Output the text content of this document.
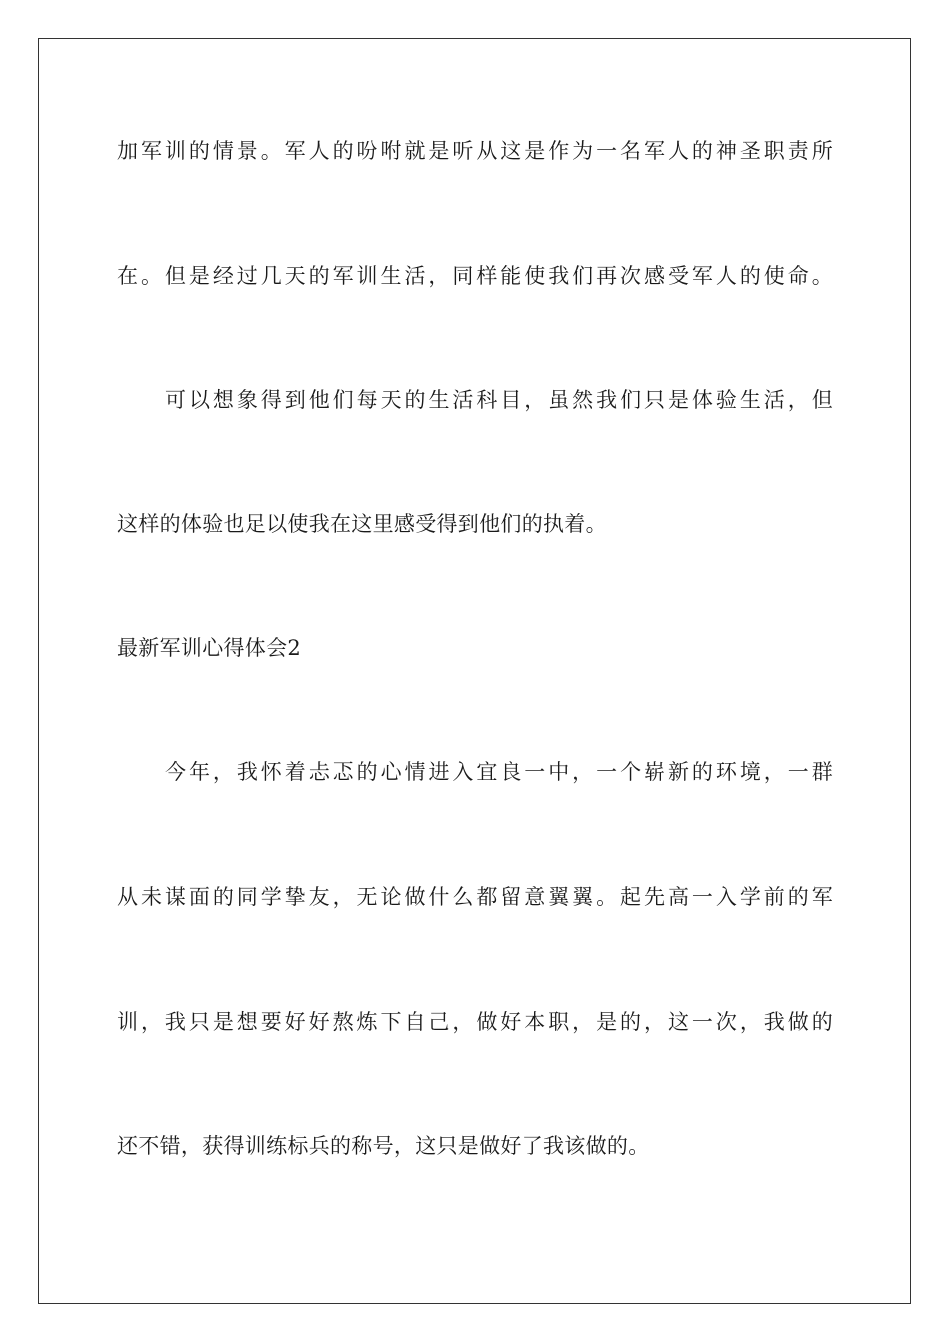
加军训的情景。军人的吩咐就是听从这是作为一名军人的神圣职责所
在。但是经过几天的军训生活，同样能使我们再次感受军人的使命。
可以想象得到他们每天的生活科目，虽然我们只是体验生活，但
这样的体验也足以使我在这里感受得到他们的执着。
最新军训心得体会2
今年，我怀着忐忑的心情进入宜良一中，一个崭新的环境，一群
从未谋面的同学挚友，无论做什么都留意翼翼。起先高一入学前的军
训，我只是想要好好熬炼下自己，做好本职，是的，这一次，我做的
还不错，获得训练标兵的称号，这只是做好了我该做的。
